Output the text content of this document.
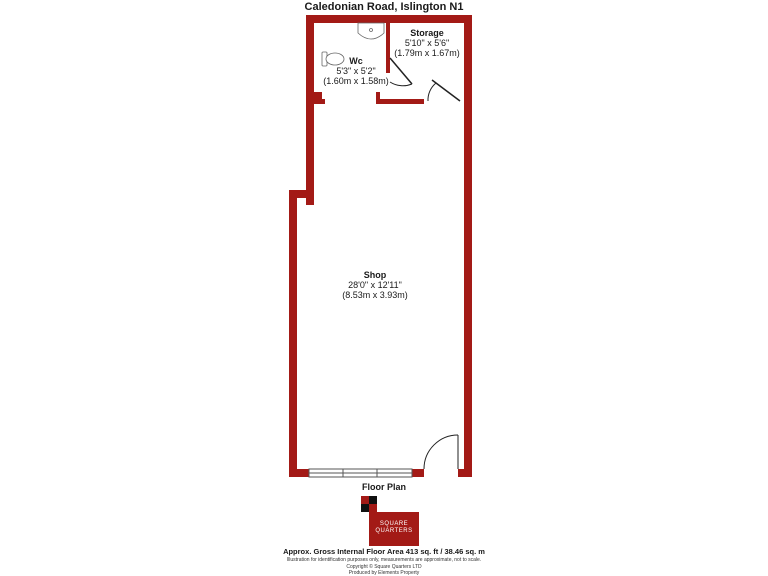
Caledonian Road, Islington N1
Storage
5'10" x 5'6"
(1.79m x 1.67m)
Wc
5'3" x 5'2"
(1.60m x 1.58m)
Shop
28'0" x 12'11"
(8.53m x 3.93m)
Floor Plan
SQUARE
QUARTERS
Approx. Gross Internal Floor Area 413 sq. ft / 38.46 sq. m
Illustration for identification purposes only, measurements are approximate, not to scale.
Copyright © Square Quarters LTD
Produced by Elements Property
